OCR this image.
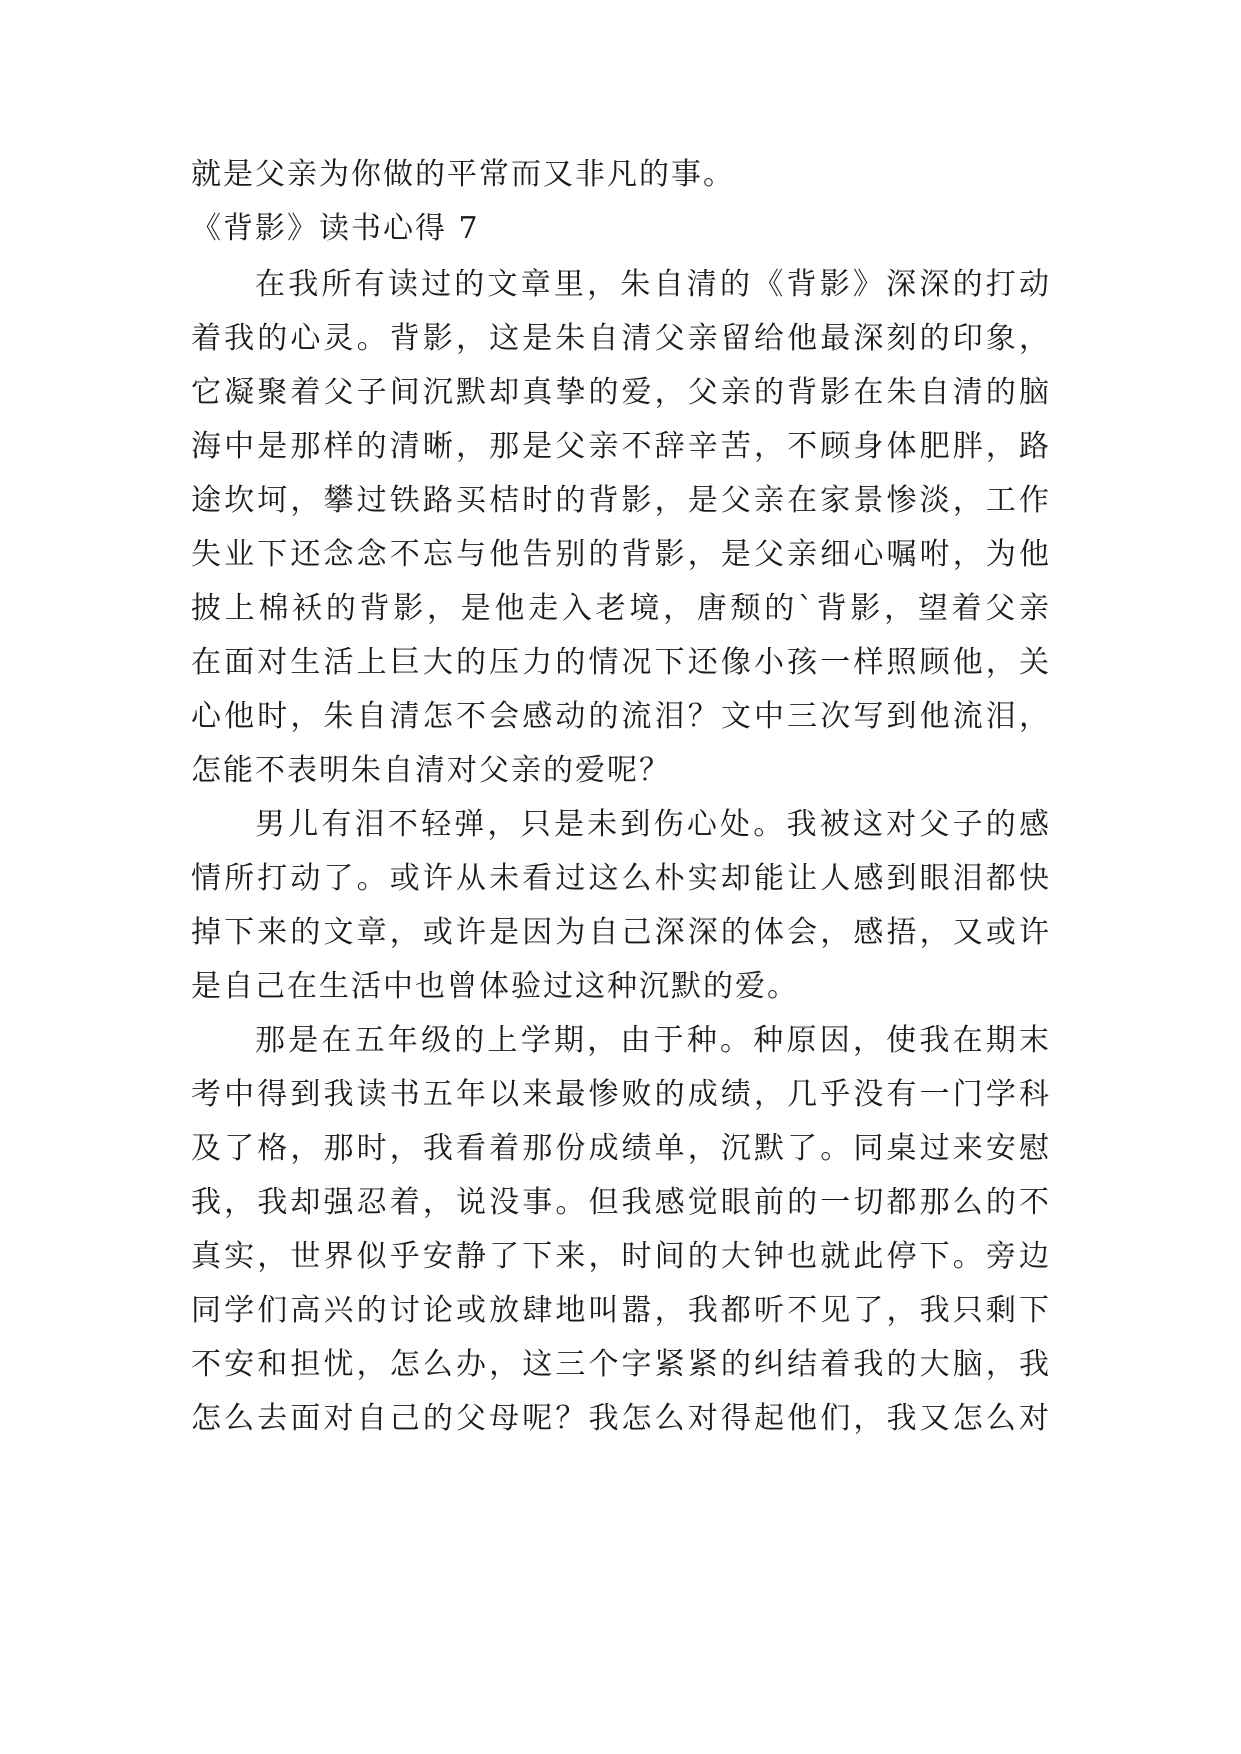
就是父亲为你做的平常而又非凡的事。
《背影》读书心得 7
在我所有读过的文章里，朱自清的《背影》深深的打动
着我的心灵。背影，这是朱自清父亲留给他最深刻的印象，
它凝聚着父子间沉默却真挚的爱，父亲的背影在朱自清的脑
海中是那样的清晰，那是父亲不辞辛苦，不顾身体肥胖，路
途坎坷，攀过铁路买桔时的背影，是父亲在家景惨淡，工作
失业下还念念不忘与他告别的背影，是父亲细心嘱咐，为他
披上棉袄的背影，是他走入老境，唐颓的`背影，望着父亲
在面对生活上巨大的压力的情况下还像小孩一样照顾他，关
心他时，朱自清怎不会感动的流泪？文中三次写到他流泪，
怎能不表明朱自清对父亲的爱呢？
男儿有泪不轻弹，只是未到伤心处。我被这对父子的感
情所打动了。或许从未看过这么朴实却能让人感到眼泪都快
掉下来的文章，或许是因为自己深深的体会，感捂，又或许
是自己在生活中也曾体验过这种沉默的爱。
那是在五年级的上学期，由于种。种原因，使我在期末
考中得到我读书五年以来最惨败的成绩，几乎没有一门学科
及了格，那时，我看着那份成绩单，沉默了。同桌过来安慰
我，我却强忍着，说没事。但我感觉眼前的一切都那么的不
真实，世界似乎安静了下来，时间的大钟也就此停下。旁边
同学们高兴的讨论或放肆地叫嚣，我都听不见了，我只剩下
不安和担忧，怎么办，这三个字紧紧的纠结着我的大脑，我
怎么去面对自己的父母呢？我怎么对得起他们，我又怎么对
